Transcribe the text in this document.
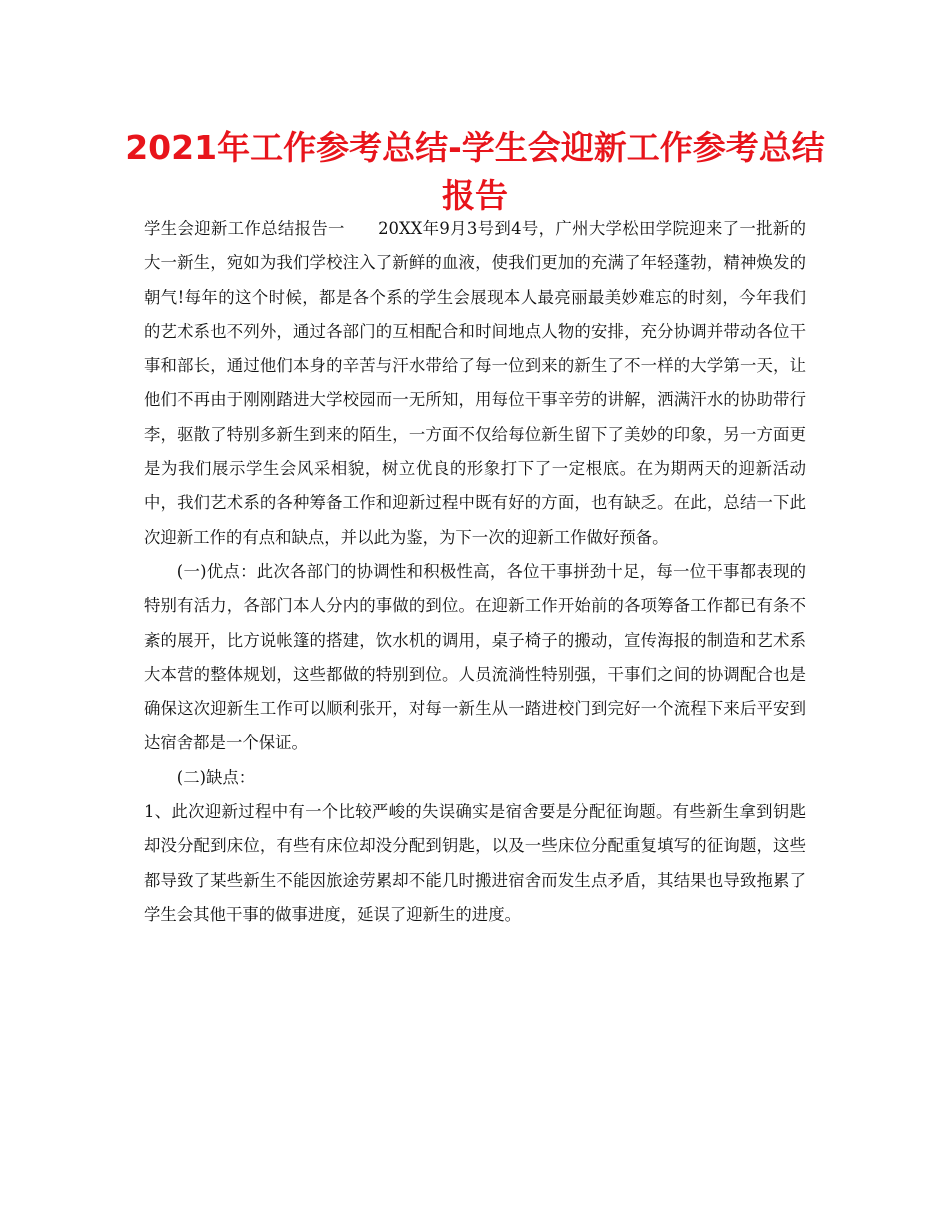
2021年工作参考总结-学生会迎新工作参考总结报告

学生会迎新工作总结报告一 20XX年9月3号到4号，广州大学松田学院迎来了一批新的大一新生，宛如为我们学校注入了新鲜的血液，使我们更加的充满了年轻蓬勃，精神焕发的朝气!每年的这个时候，都是各个系的学生会展现本人最亮丽最美妙难忘的时刻，今年我们的艺术系也不列外，通过各部门的互相配合和时间地点人物的安排，充分协调并带动各位干事和部长，通过他们本身的辛苦与汗水带给了每一位到来的新生了不一样的大学第一天，让他们不再由于刚刚踏进大学校园而一无所知，用每位干事辛劳的讲解，洒满汗水的协助带行李，驱散了特别多新生到来的陌生，一方面不仅给每位新生留下了美妙的印象，另一方面更是为我们展示学生会风采相貌，树立优良的形象打下了一定根底。在为期两天的迎新活动中，我们艺术系的各种筹备工作和迎新过程中既有好的方面，也有缺乏。在此，总结一下此次迎新工作的有点和缺点，并以此为鉴，为下一次的迎新工作做好预备。

(一)优点：此次各部门的协调性和积极性高，各位干事拼劲十足，每一位干事都表现的特别有活力，各部门本人分内的事做的到位。在迎新工作开始前的各项筹备工作都已有条不紊的展开，比方说帐篷的搭建，饮水机的调用，桌子椅子的搬动，宣传海报的制造和艺术系大本营的整体规划，这些都做的特别到位。人员流淌性特别强，干事们之间的协调配合也是确保这次迎新生工作可以顺利张开，对每一新生从一踏进校门到完好一个流程下来后平安到达宿舍都是一个保证。

(二)缺点：

1、此次迎新过程中有一个比较严峻的失误确实是宿舍要是分配征询题。有些新生拿到钥匙却没分配到床位，有些有床位却没分配到钥匙，以及一些床位分配重复填写的征询题，这些都导致了某些新生不能因旅途劳累却不能几时搬进宿舍而发生点矛盾，其结果也导致拖累了学生会其他干事的做事进度，延误了迎新生的进度。
